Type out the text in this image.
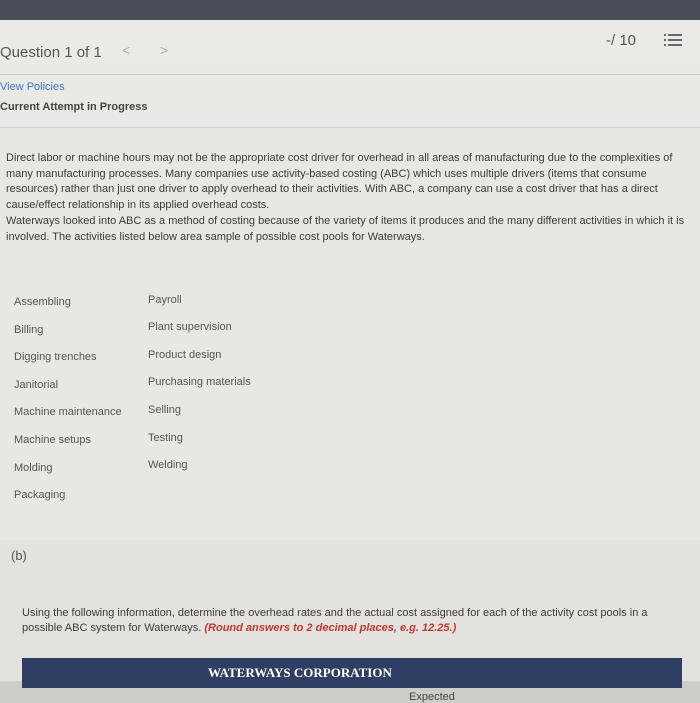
Question 1 of 1 < >
-/ 10
View Policies
Current Attempt in Progress

Direct labor or machine hours may not be the appropriate cost driver for overhead in all areas of manufacturing due to the complexities of many manufacturing processes. Many companies use activity-based costing (ABC) which uses multiple drivers (items that consume resources) rather than just one driver to apply overhead to their activities. With ABC, a company can use a cost driver that has a direct cause/effect relationship in its applied overhead costs.

Waterways looked into ABC as a method of costing because of the variety of items it produces and the many different activities in which it is involved. The activities listed below area sample of possible cost pools for Waterways.

Assembling
Billing
Digging trenches
Janitorial
Machine maintenance
Machine setups
Molding
Packaging
Payroll
Plant supervision
Product design
Purchasing materials
Selling
Testing
Welding
(b)

Using the following information, determine the overhead rates and the actual cost assigned for each of the activity cost pools in a possible ABC system for Waterways. (Round answers to 2 decimal places, e.g. 12.25.)

WATERWAYS CORPORATION
Expected
